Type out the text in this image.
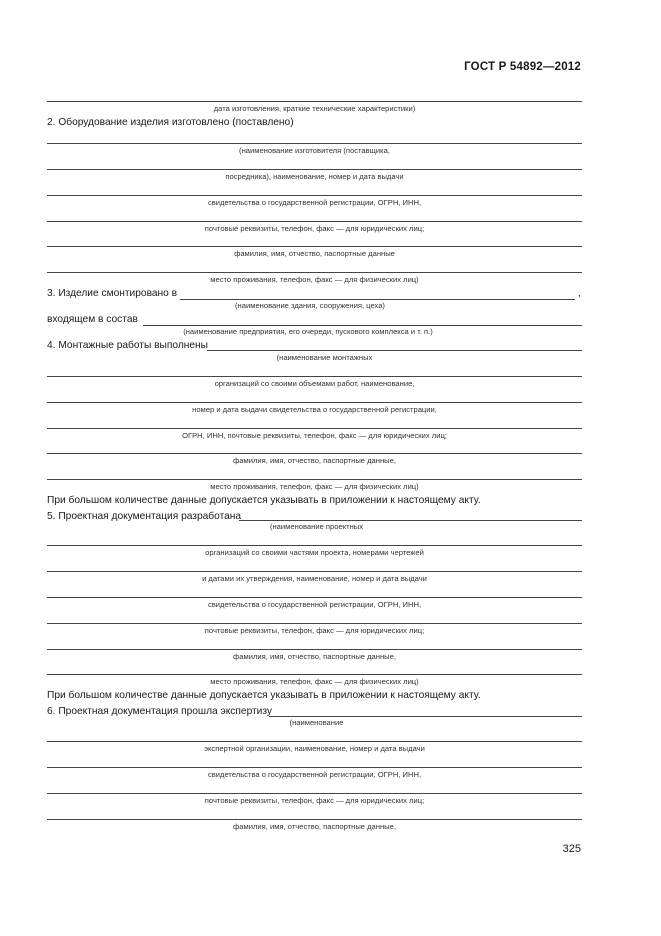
ГОСТ Р 54892—2012
дата изготовления, краткие технические характеристики)
2. Оборудование изделия изготовлено (поставлено)
(наименование изготовителя (поставщика,
посредника), наименование, номер и дата выдачи
свидетельства о государственной регистрации, ОГРН, ИНН,
почтовые реквизиты, телефон, факс — для юридических лиц;
фамилия, имя, отчество, паспортные данные
место проживания, телефон, факс — для физических лиц)
3. Изделие смонтировано в	,
(наименование здания, сооружения, цеха)
входящем в состав
(наименование предприятия, его очереди, пускового комплекса и т. п.)
4. Монтажные работы выполнены
(наименование монтажных
организаций со своими объемами работ, наименование,
номер и дата выдачи свидетельства о государственной регистрации,
ОГРН, ИНН, почтовые реквизиты, телефон, факс — для юридических лиц;
фамилия, имя, отчество, паспортные данные,
место проживания, телефон, факс — для физических лиц)
При большом количестве данные допускается указывать в приложении к настоящему акту.
5. Проектная документация разработана
(наименование проектных
организаций со своими частями проекта, номерами чертежей
и датами их утверждения, наименование, номер и дата выдачи
свидетельства о государственной регистрации, ОГРН, ИНН,
почтовые реквизиты, телефон, факс — для юридических лиц;
фамилия, имя, отчество, паспортные данные,
место проживания, телефон, факс — для физических лиц)
При большом количестве данные допускается указывать в приложении к настоящему акту.
6. Проектная документация прошла экспертизу
(наименование
экспертной организации, наименование, номер и дата выдачи
свидетельства о государственной регистрации, ОГРН, ИНН,
почтовые реквизиты, телефон, факс — для юридических лиц;
фамилия, имя, отчество, паспортные данные,
325
